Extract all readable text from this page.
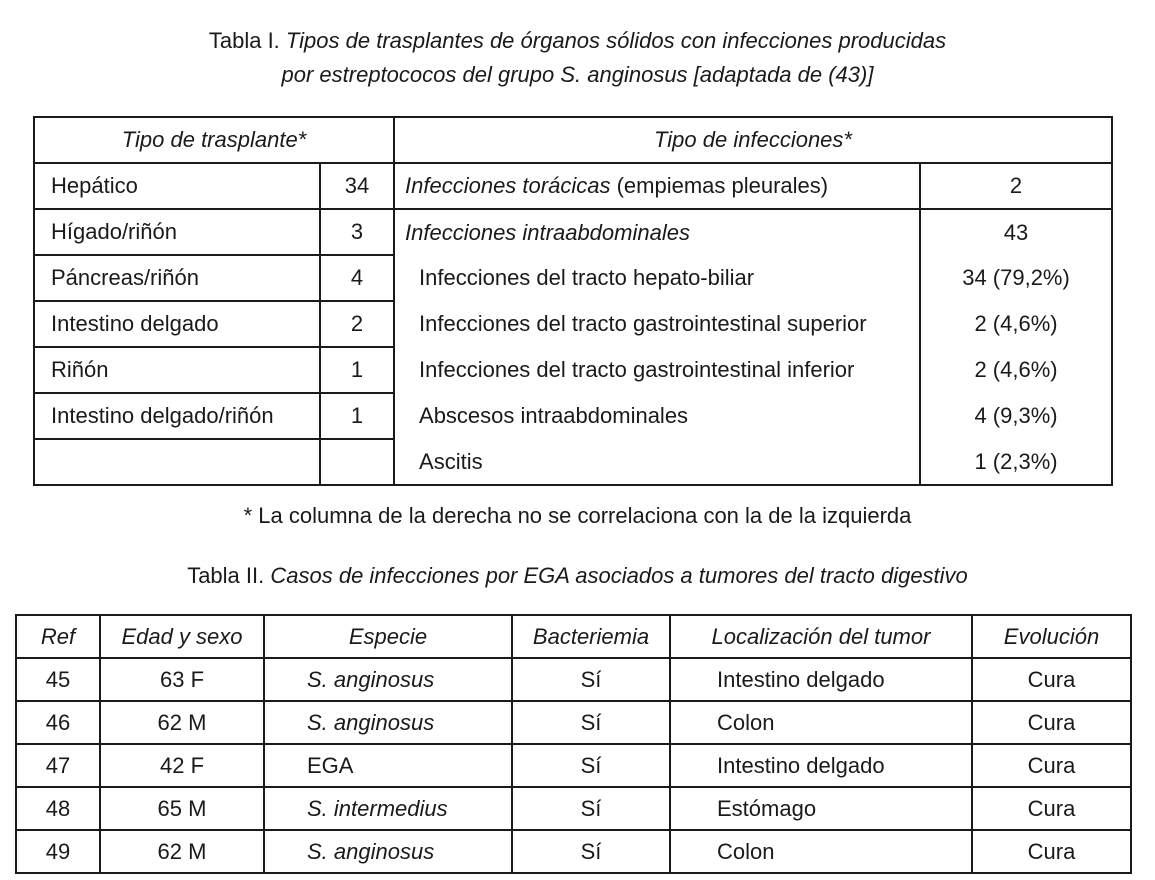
Tabla I. Tipos de trasplantes de órganos sólidos con infecciones producidas
por estreptococos del grupo S. anginosus [adaptada de (43)]
Tipo de trasplante*		Tipo de infecciones*	
Hepático	34	Infecciones torácicas (empiemas pleurales)	2
Hígado/riñón	3	Infecciones intraabdominales	43
Páncreas/riñón	4	Infecciones del tracto hepato-biliar	34 (79,2%)
Intestino delgado	2	Infecciones del tracto gastrointestinal superior	2 (4,6%)
Riñón	1	Infecciones del tracto gastrointestinal inferior	2 (4,6%)
Intestino delgado/riñón	1	Abscesos intraabdominales	4 (9,3%)
		Ascitis	1 (2,3%)
* La columna de la derecha no se correlaciona con la de la izquierda
Tabla II. Casos de infecciones por EGA asociados a tumores del tracto digestivo
Ref	Edad y sexo	Especie	Bacteriemia	Localización del tumor	Evolución
45	63 F	S. anginosus	Sí	Intestino delgado	Cura
46	62 M	S. anginosus	Sí	Colon	Cura
47	42 F	EGA	Sí	Intestino delgado	Cura
48	65 M	S. intermedius	Sí	Estómago	Cura
49	62 M	S. anginosus	Sí	Colon	Cura
